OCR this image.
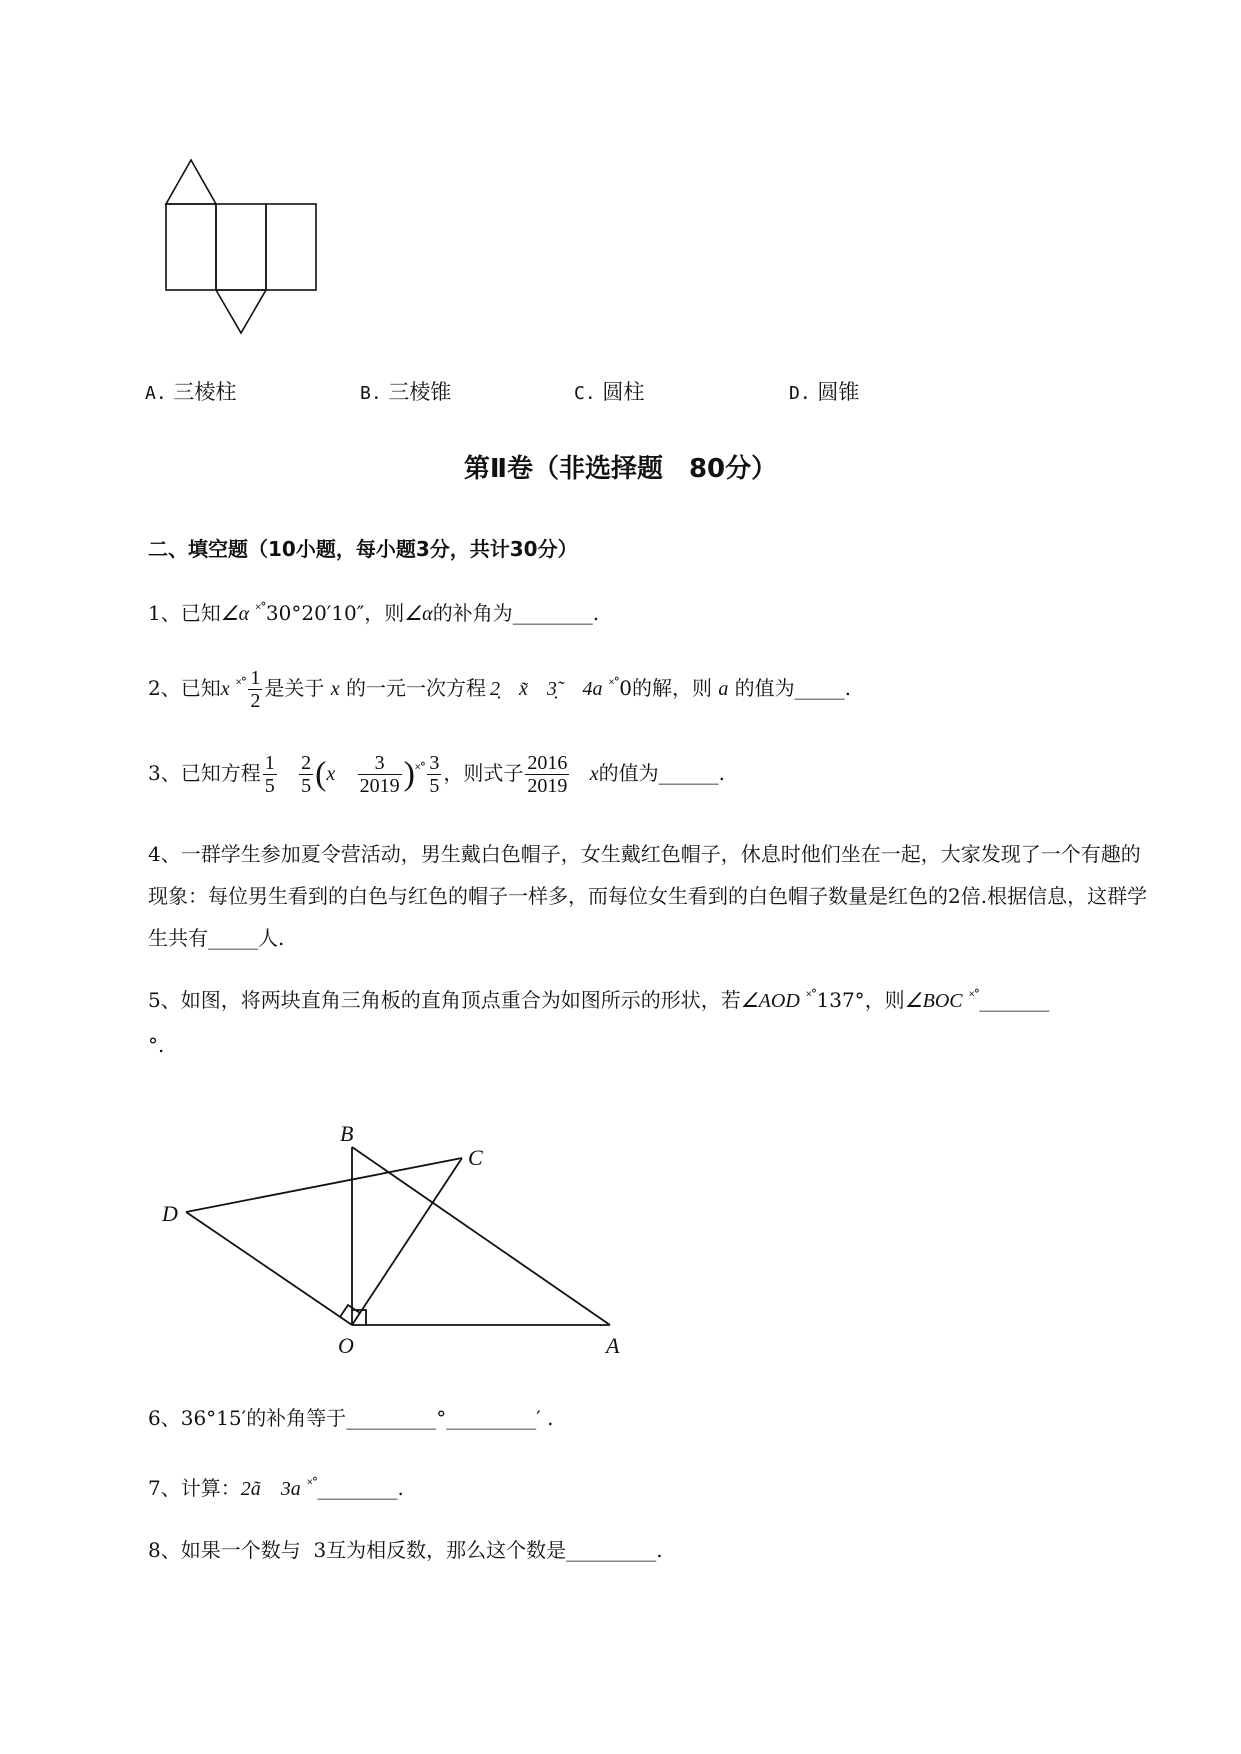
A. 三棱柱	B. 三棱锥	C. 圆柱	D. 圆锥
第Ⅱ卷（非选择题　80分）
二、填空题（10小题，每小题3分，共计30分）
1、已知∠α ˟˚30°20′10″，则∠α的补角为________.
2、已知x $^{˟˚} \frac{1}{2}$ 是关于 x 的一元一次方程 2̣ x̃ 3̣˜ 4a ˟˚0的解，则 a 的值为_____.
3、已知方程 $\frac{1}{5}$
$\frac{2}{5} (x \frac{3}{2019} )^{˟˚} \frac{3}{5}$ ，则式子 $\frac{2016}{2019}$ x的值为______.
4、一群学生参加夏令营活动，男生戴白色帽子，女生戴红色帽子，休息时他们坐在一起，大家发现了一个有趣的现象：每位男生看到的白色与红色的帽子一样多，而每位女生看到的白色帽子数量是红色的2倍.根据信息，这群学生共有_____人.
5、如图，将两块直角三角板的直角顶点重合为如图所示的形状，若∠AOD ˟˚137°，则∠BOC ˟˚_______
°.
B
C
D
O	A
6、36°15′的补角等于_________°_________′ .
7、计算：2ã　3a ˟˚________.
8、如果一个数与 3互为相反数，那么这个数是_________.
